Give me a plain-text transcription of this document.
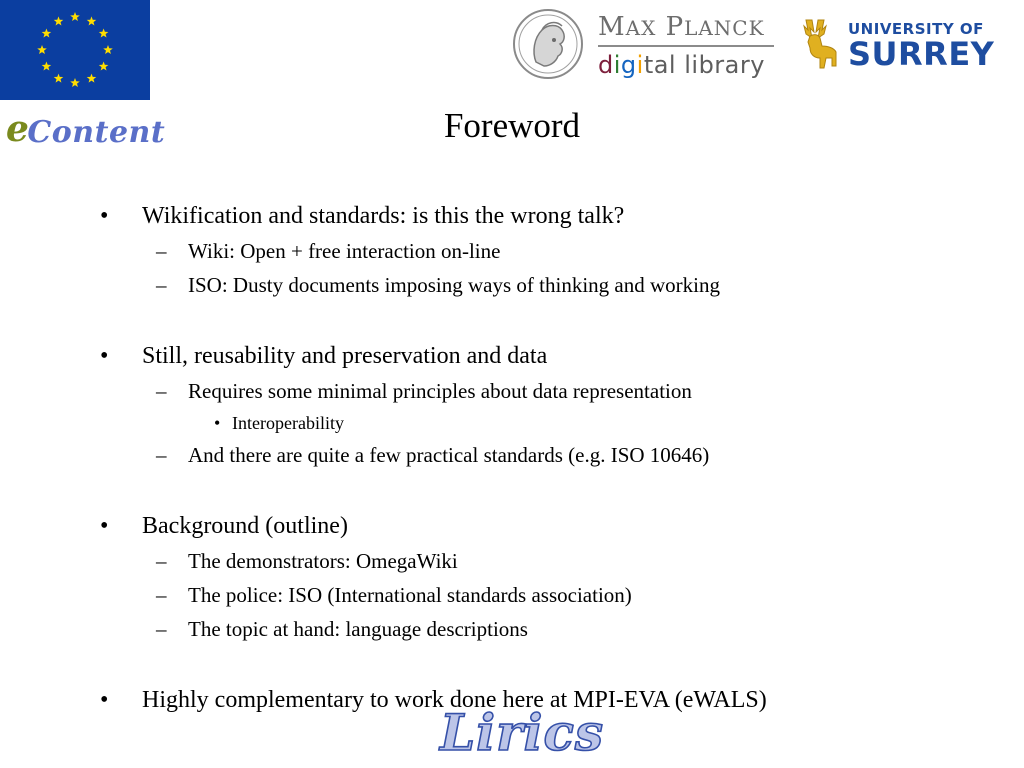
e
Content
MAX PLANCK
digital library
UNIVERSITY OF
SURREY
Foreword
• Wikification and standards: is this the wrong talk?
– Wiki: Open + free interaction on-line
– ISO: Dusty documents imposing ways of thinking and working
• Still, reusability and preservation and data
– Requires some minimal principles about data representation
• Interoperability
– And there are quite a few practical standards (e.g. ISO 10646)
• Background (outline)
– The demonstrators: OmegaWiki
– The police: ISO (International standards association)
– The topic at hand: language descriptions
• Highly complementary to work done here at MPI-EVA (eWALS)
Lirics
